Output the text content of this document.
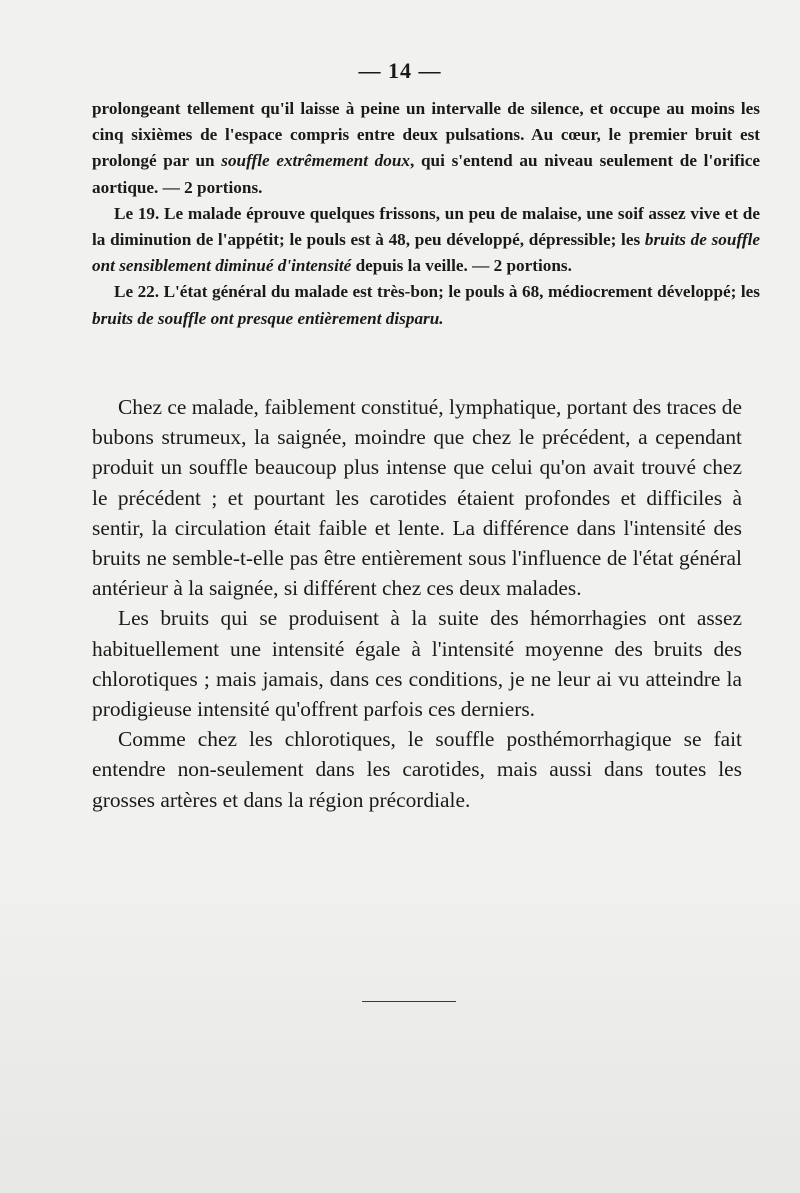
— 14 —

prolongeant tellement qu'il laisse à peine un intervalle de silence, et occupe au moins les cinq sixièmes de l'espace compris entre deux pulsations. Au cœur, le premier bruit est prolongé par un souffle extrêmement doux, qui s'entend au niveau seulement de l'orifice aortique. — 2 portions.

Le 19. Le malade éprouve quelques frissons, un peu de malaise, une soif assez vive et de la diminution de l'appétit; le pouls est à 48, peu développé, dépressible; les bruits de souffle ont sensiblement diminué d'intensité depuis la veille. — 2 portions.

Le 22. L'état général du malade est très-bon; le pouls à 68, médiocrement développé; les bruits de souffle ont presque entièrement disparu.

Chez ce malade, faiblement constitué, lymphatique, portant des traces de bubons strumeux, la saignée, moindre que chez le précédent, a cependant produit un souffle beaucoup plus intense que celui qu'on avait trouvé chez le précédent ; et pourtant les carotides étaient profondes et difficiles à sentir, la circulation était faible et lente. La différence dans l'intensité des bruits ne semble-t-elle pas être entièrement sous l'influence de l'état général antérieur à la saignée, si différent chez ces deux malades.

Les bruits qui se produisent à la suite des hémorrhagies ont assez habituellement une intensité égale à l'intensité moyenne des bruits des chlorotiques ; mais jamais, dans ces conditions, je ne leur ai vu atteindre la prodigieuse intensité qu'offrent parfois ces derniers.

Comme chez les chlorotiques, le souffle posthémorrhagique se fait entendre non-seulement dans les carotides, mais aussi dans toutes les grosses artères et dans la région précordiale.
